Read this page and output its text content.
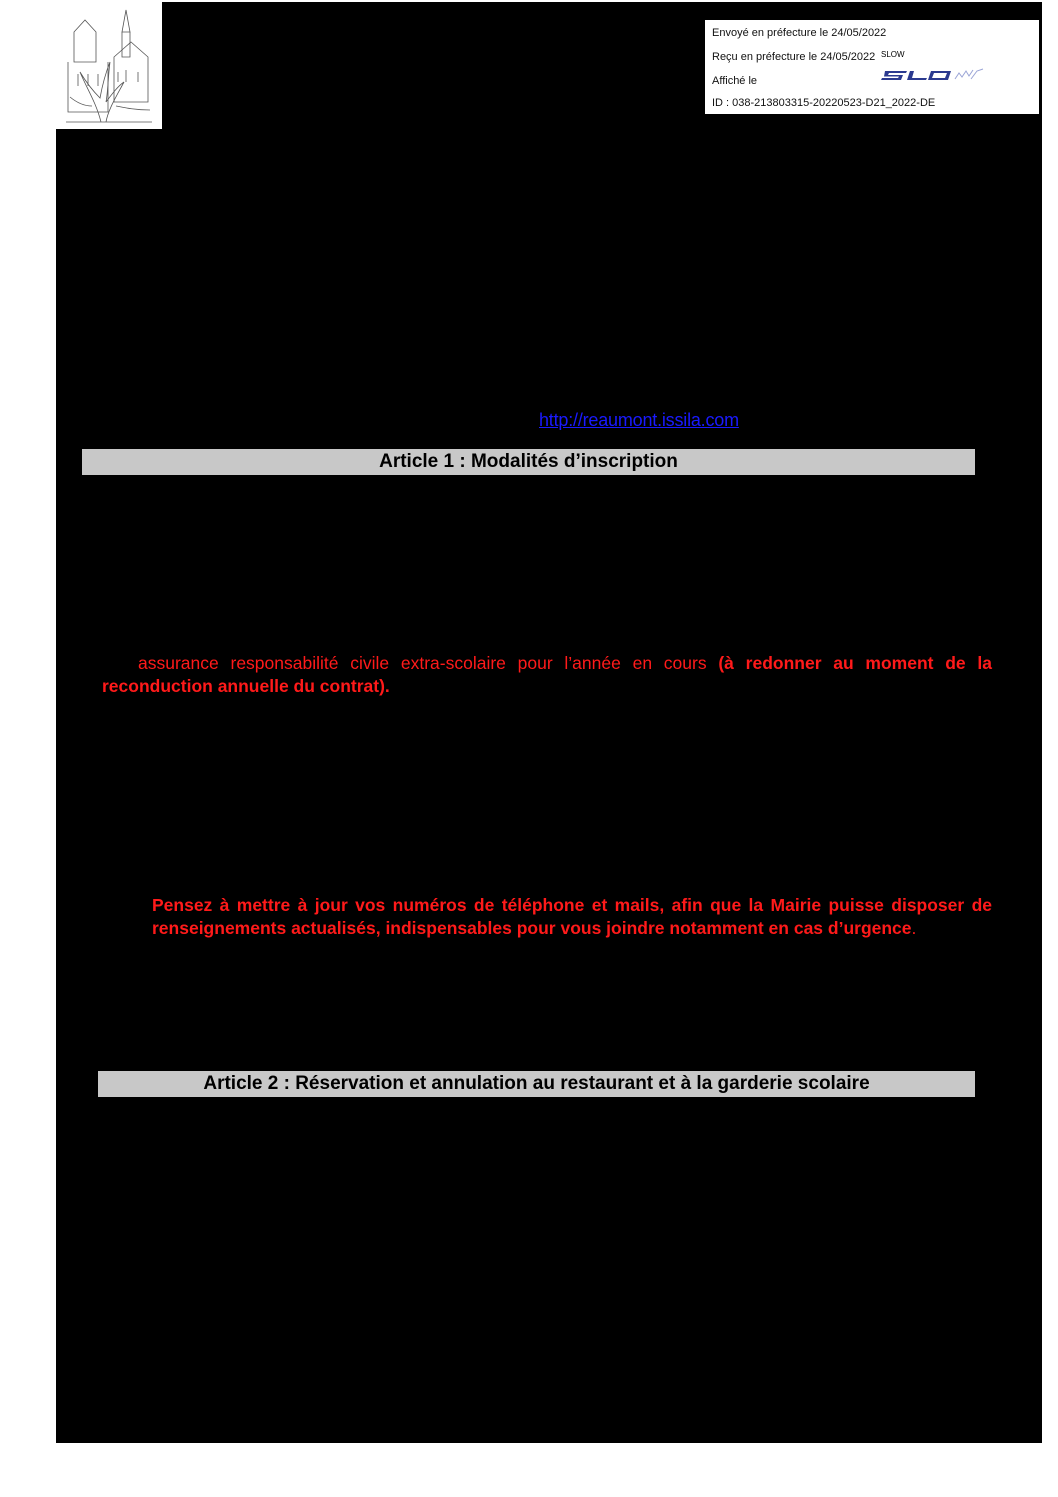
Envoyé en préfecture le 24/05/2022
Reçu en préfecture le 24/05/2022
Affiché le
SLOW
ID : 038-213803315-20220523-D21_2022-DE
http://reaumont.issila.com
Article 1 : Modalités d’inscription
assurance responsabilité civile extra-scolaire pour l’année en cours (à redonner au moment de la reconduction annuelle du contrat).
Pensez à mettre à jour vos numéros de téléphone et mails, afin que la Mairie puisse disposer de renseignements actualisés, indispensables pour vous joindre notamment en cas d’urgence.
Article 2 : Réservation et annulation au restaurant et à la garderie scolaire
